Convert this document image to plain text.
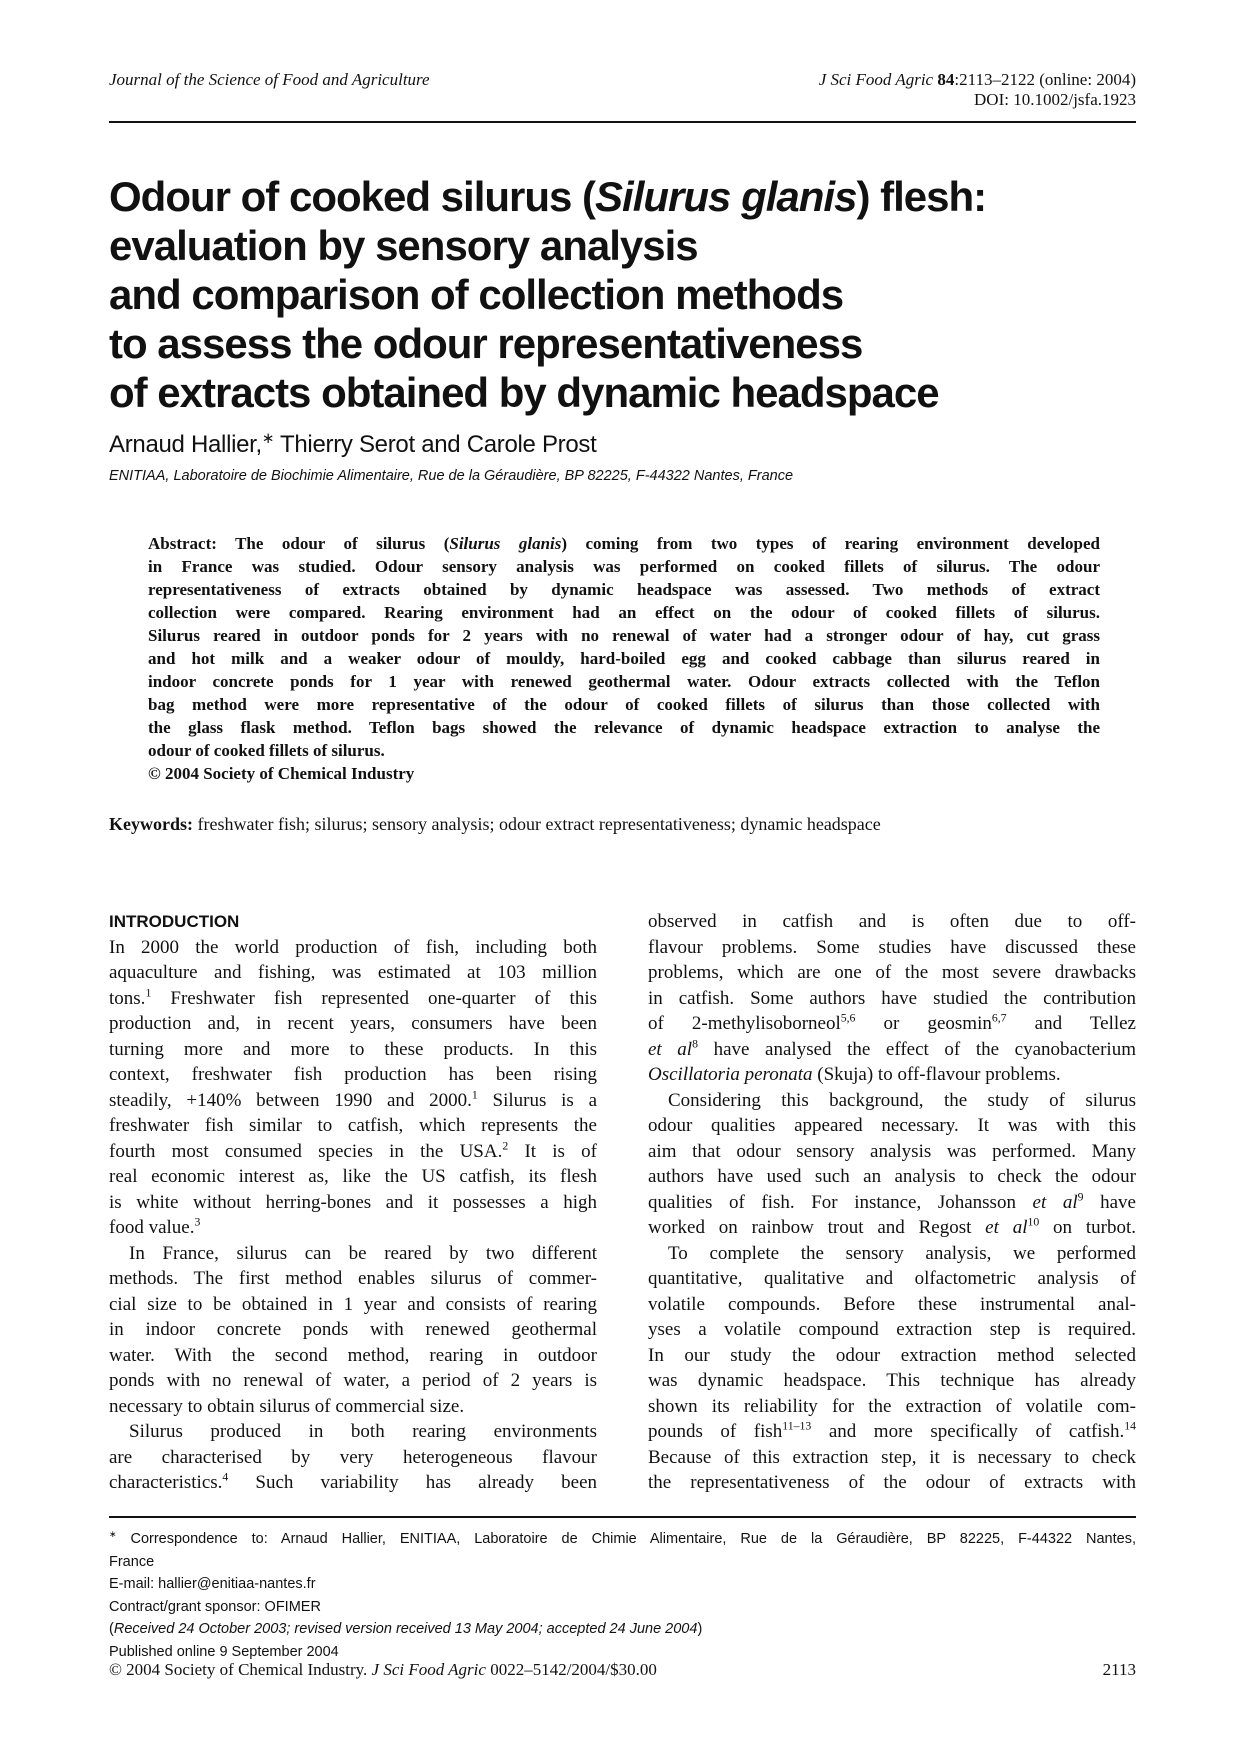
Journal of the Science of Food and Agriculture	J Sci Food Agric 84:2113–2122 (online: 2004)
DOI: 10.1002/jsfa.1923
Odour of cooked silurus (Silurus glanis) flesh:
evaluation by sensory analysis
and comparison of collection methods
to assess the odour representativeness
of extracts obtained by dynamic headspace
Arnaud Hallier,∗ Thierry Serot and Carole Prost
ENITIAA, Laboratoire de Biochimie Alimentaire, Rue de la Géraudière, BP 82225, F-44322 Nantes, France
Abstract: The odour of silurus (Silurus glanis) coming from two types of rearing environment developed
in France was studied. Odour sensory analysis was performed on cooked fillets of silurus. The odour
representativeness of extracts obtained by dynamic headspace was assessed. Two methods of extract
collection were compared. Rearing environment had an effect on the odour of cooked fillets of silurus.
Silurus reared in outdoor ponds for 2 years with no renewal of water had a stronger odour of hay, cut grass
and hot milk and a weaker odour of mouldy, hard-boiled egg and cooked cabbage than silurus reared in
indoor concrete ponds for 1 year with renewed geothermal water. Odour extracts collected with the Teflon
bag method were more representative of the odour of cooked fillets of silurus than those collected with
the glass flask method. Teflon bags showed the relevance of dynamic headspace extraction to analyse the
odour of cooked fillets of silurus.
© 2004 Society of Chemical Industry
Keywords: freshwater fish; silurus; sensory analysis; odour extract representativeness; dynamic headspace
INTRODUCTION
In 2000 the world production of fish, including both
aquaculture and fishing, was estimated at 103 million
tons.$^1$ Freshwater fish represented one-quarter of this
production and, in recent years, consumers have been
turning more and more to these products. In this
context, freshwater fish production has been rising
steadily, +140% between 1990 and 2000.$^1$ Silurus is a
freshwater fish similar to catfish, which represents the
fourth most consumed species in the USA.$^2$ It is of
real economic interest as, like the US catfish, its flesh
is white without herring-bones and it possesses a high
food value.$^3$
In France, silurus can be reared by two different
methods. The first method enables silurus of commer-
cial size to be obtained in 1 year and consists of rearing
in indoor concrete ponds with renewed geothermal
water. With the second method, rearing in outdoor
ponds with no renewal of water, a period of 2 years is
necessary to obtain silurus of commercial size.
Silurus produced in both rearing environments
are characterised by very heterogeneous flavour
characteristics.$^4$ Such variability has already been
observed in catfish and is often due to off-
flavour problems. Some studies have discussed these
problems, which are one of the most severe drawbacks
in catfish. Some authors have studied the contribution
of 2-methylisoborneol$^{5,6}$ or geosmin$^{6,7}$ and Tellez
et $al^8$ have analysed the effect of the cyanobacterium
Oscillatoria peronata (Skuja) to off-flavour problems.
Considering this background, the study of silurus
odour qualities appeared necessary. It was with this
aim that odour sensory analysis was performed. Many
authors have used such an analysis to check the odour
qualities of fish. For instance, Johansson et $al^9$ have
worked on rainbow trout and Regost et $al^{10}$ on turbot.
To complete the sensory analysis, we performed
quantitative, qualitative and olfactometric analysis of
volatile compounds. Before these instrumental anal-
yses a volatile compound extraction step is required.
In our study the odour extraction method selected
was dynamic headspace. This technique has already
shown its reliability for the extraction of volatile com-
pounds of fish$^{11-13}$ and more specifically of catfish.$^{14}$
Because of this extraction step, it is necessary to check
the representativeness of the odour of extracts with
∗ Correspondence to: Arnaud Hallier, ENITIAA, Laboratoire de Chimie Alimentaire, Rue de la Géraudière, BP 82225, F-44322 Nantes,
France
E-mail: hallier@enitiaa-nantes.fr
Contract/grant sponsor: OFIMER
(Received 24 October 2003; revised version received 13 May 2004; accepted 24 June 2004)
Published online 9 September 2004
© 2004 Society of Chemical Industry. J Sci Food Agric 0022–5142/2004/$30.00	2113
